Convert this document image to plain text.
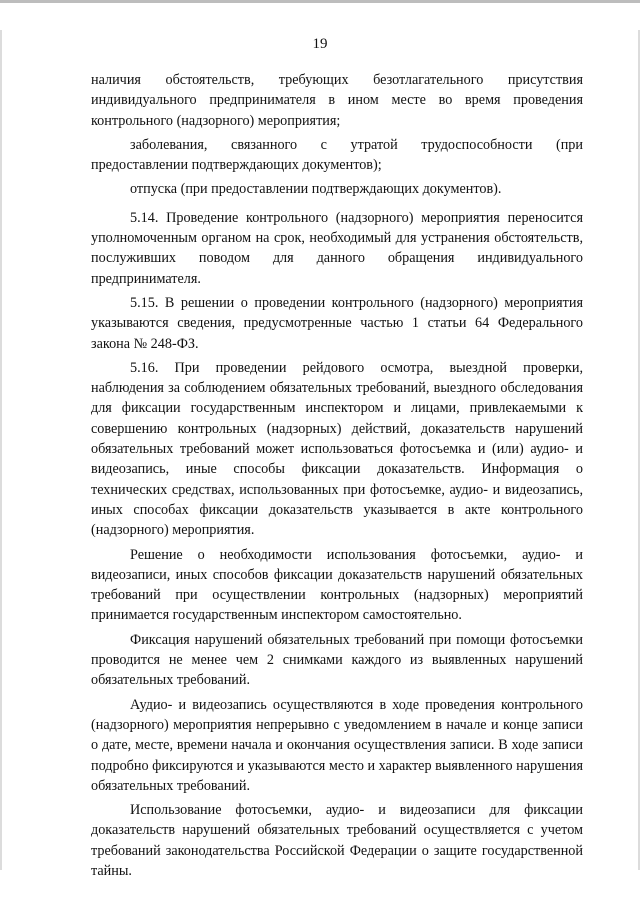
19

наличия обстоятельств, требующих безотлагательного присутствия индивидуального предпринимателя в ином месте во время проведения контрольного (надзорного) мероприятия;

заболевания, связанного с утратой трудоспособности (при предоставлении подтверждающих документов);

отпуска (при предоставлении подтверждающих документов).

5.14. Проведение контрольного (надзорного) мероприятия переносится уполномоченным органом на срок, необходимый для устранения обстоятельств, послуживших поводом для данного обращения индивидуального предпринимателя.

5.15. В решении о проведении контрольного (надзорного) мероприятия указываются сведения, предусмотренные частью 1 статьи 64 Федерального закона № 248-ФЗ.

5.16. При проведении рейдового осмотра, выездной проверки, наблюдения за соблюдением обязательных требований, выездного обследования для фиксации государственным инспектором и лицами, привлекаемыми к совершению контрольных (надзорных) действий, доказательств нарушений обязательных требований может использоваться фотосъемка и (или) аудио- и видеозапись, иные способы фиксации доказательств. Информация о технических средствах, использованных при фотосъемке, аудио- и видеозапись, иных способах фиксации доказательств указывается в акте контрольного (надзорного) мероприятия.

Решение о необходимости использования фотосъемки, аудио- и видеозаписи, иных способов фиксации доказательств нарушений обязательных требований при осуществлении контрольных (надзорных) мероприятий принимается государственным инспектором самостоятельно.

Фиксация нарушений обязательных требований при помощи фотосъемки проводится не менее чем 2 снимками каждого из выявленных нарушений обязательных требований.

Аудио- и видеозапись осуществляются в ходе проведения контрольного (надзорного) мероприятия непрерывно с уведомлением в начале и конце записи о дате, месте, времени начала и окончания осуществления записи. В ходе записи подробно фиксируются и указываются место и характер выявленного нарушения обязательных требований.

Использование фотосъемки, аудио- и видеозаписи для фиксации доказательств нарушений обязательных требований осуществляется с учетом требований законодательства Российской Федерации о защите государственной тайны.
